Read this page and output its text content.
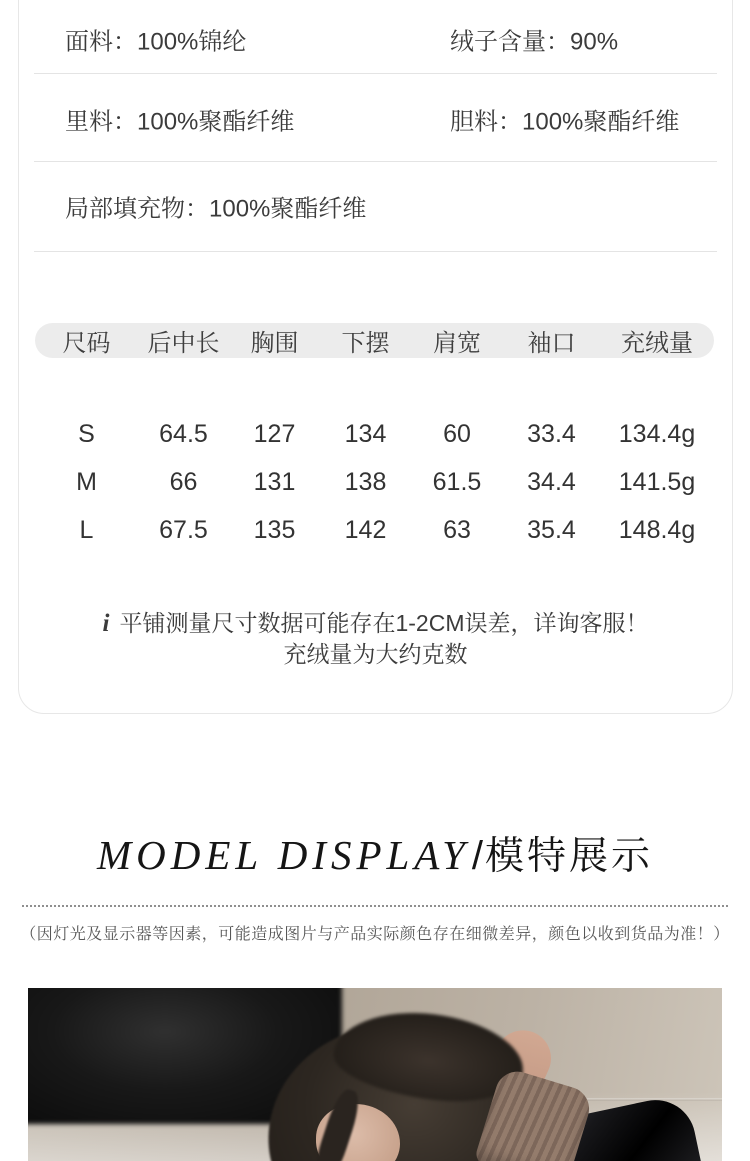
面料：100%锦纶	绒子含量：90%
里料：100%聚酯纤维	胆料：100%聚酯纤维
局部填充物：100%聚酯纤维
尺码	后中长	胸围	下摆	肩宽	袖口	充绒量
S	64.5	127	134	60	33.4	134.4g
M	66	131	138	61.5	34.4	141.5g
L	67.5	135	142	63	35.4	148.4g
i 平铺测量尺寸数据可能存在1-2CM误差，详询客服！
充绒量为大约克数
MODEL DISPLAY/模特展示

（因灯光及显示器等因素，可能造成图片与产品实际颜色存在细微差异，颜色以收到货品为准！）
